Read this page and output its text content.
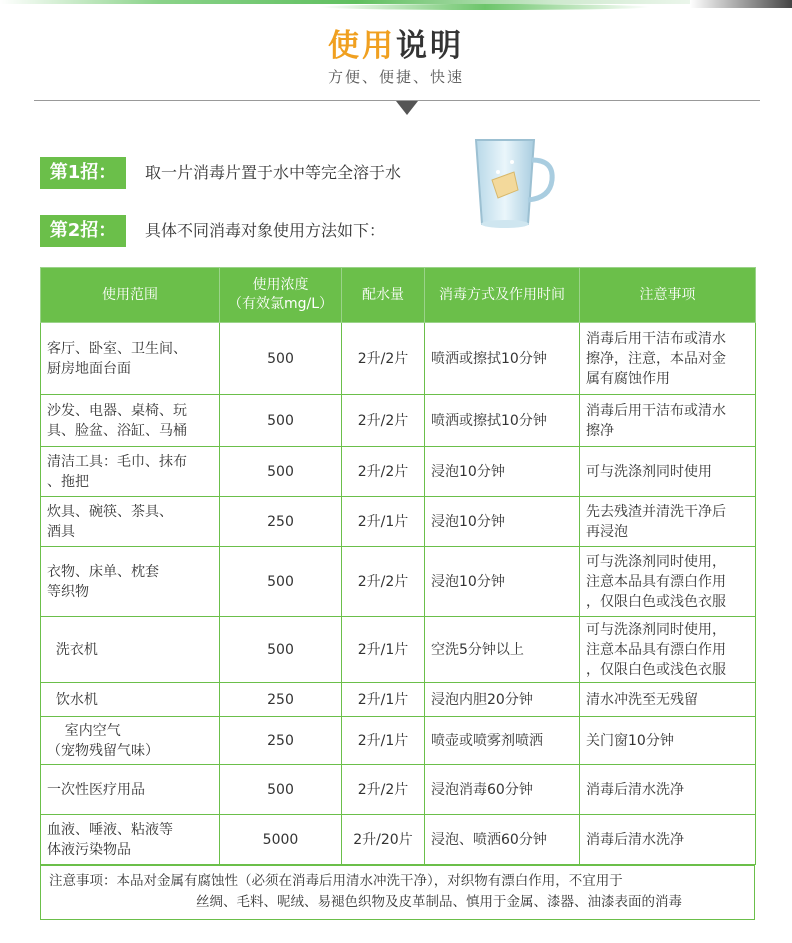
使用说明
方便、便捷、快速
第1招：	取一片消毒片置于水中等完全溶于水
第2招：	具体不同消毒对象使用方法如下：
使用范围	使用浓度
（有效氯mg/L）	配水量	消毒方式及作用时间	注意事项
客厅、卧室、卫生间、
厨房地面台面	500	2升/2片	喷洒或擦拭10分钟	消毒后用干洁布或清水
擦净，注意，本品对金
属有腐蚀作用
沙发、电器、桌椅、玩
具、脸盆、浴缸、马桶	500	2升/2片	喷洒或擦拭10分钟	消毒后用干洁布或清水
擦净
清洁工具：毛巾、抹布
、拖把	500	2升/2片	浸泡10分钟	可与洗涤剂同时使用
炊具、碗筷、茶具、
酒具	250	2升/1片	浸泡10分钟	先去残渣并清洗干净后
再浸泡
衣物、床单、枕套
等织物	500	2升/2片	浸泡10分钟	可与洗涤剂同时使用，
注意本品具有漂白作用
，仅限白色或浅色衣服
洗衣机	500	2升/1片	空洗5分钟以上	可与洗涤剂同时使用，
注意本品具有漂白作用
，仅限白色或浅色衣服
饮水机	250	2升/1片	浸泡内胆20分钟	清水冲洗至无残留
室内空气
（宠物残留气味）	250	2升/1片	喷壶或喷雾剂喷洒	关门窗10分钟
一次性医疗用品	500	2升/2片	浸泡消毒60分钟	消毒后清水洗净
血液、唾液、粘液等
体液污染物品	5000	2升/20片	浸泡、喷洒60分钟	消毒后清水洗净
注意事项：本品对金属有腐蚀性（必须在消毒后用清水冲洗干净），对织物有漂白作用，不宜用于
丝绸、毛料、呢绒、易褪色织物及皮革制品、慎用于金属、漆器、油漆表面的消毒
